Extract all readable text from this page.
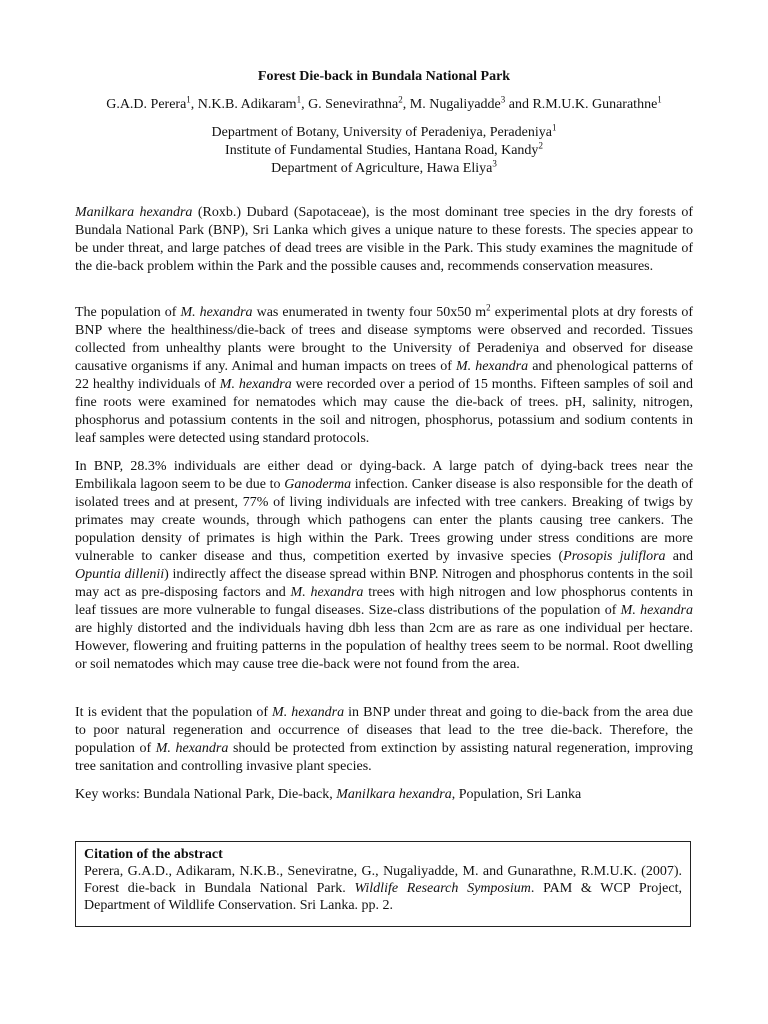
Forest Die-back in Bundala National Park
G.A.D. Perera$^1$, N.K.B. Adikaram$^1$, G. Senevirathna$^2$, M. Nugaliyadde$^3$ and R.M.U.K. Gunarathne$^1$
Department of Botany, University of Peradeniya, Peradeniya$^1$
Institute of Fundamental Studies, Hantana Road, Kandy$^2$
Department of Agriculture, Hawa Eliya$^3$

Manilkara hexandra (Roxb.) Dubard (Sapotaceae), is the most dominant tree species in the dry forests of Bundala National Park (BNP), Sri Lanka which gives a unique nature to these forests. The species appear to be under threat, and large patches of dead trees are visible in the Park. This study examines the magnitude of the die-back problem within the Park and the possible causes and, recommends conservation measures.

The population of M. hexandra was enumerated in twenty four 50x50 $m^2$ experimental plots at dry forests of BNP where the healthiness/die-back of trees and disease symptoms were observed and recorded. Tissues collected from unhealthy plants were brought to the University of Peradeniya and observed for disease causative organisms if any. Animal and human impacts on trees of M. hexandra and phenological patterns of 22 healthy individuals of M. hexandra were recorded over a period of 15 months. Fifteen samples of soil and fine roots were examined for nematodes which may cause the die-back of trees. pH, salinity, nitrogen, phosphorus and potassium contents in the soil and nitrogen, phosphorus, potassium and sodium contents in leaf samples were detected using standard protocols.

In BNP, 28.3% individuals are either dead or dying-back. A large patch of dying-back trees near the Embilikala lagoon seem to be due to Ganoderma infection. Canker disease is also responsible for the death of isolated trees and at present, 77% of living individuals are infected with tree cankers. Breaking of twigs by primates may create wounds, through which pathogens can enter the plants causing tree cankers. The population density of primates is high within the Park. Trees growing under stress conditions are more vulnerable to canker disease and thus, competition exerted by invasive species (Prosopis juliflora and Opuntia dillenii) indirectly affect the disease spread within BNP. Nitrogen and phosphorus contents in the soil may act as pre-disposing factors and M. hexandra trees with high nitrogen and low phosphorus contents in leaf tissues are more vulnerable to fungal diseases. Size-class distributions of the population of M. hexandra are highly distorted and the individuals having dbh less than 2cm are as rare as one individual per hectare. However, flowering and fruiting patterns in the population of healthy trees seem to be normal. Root dwelling or soil nematodes which may cause tree die-back were not found from the area.

It is evident that the population of M. hexandra in BNP under threat and going to die-back from the area due to poor natural regeneration and occurrence of diseases that lead to the tree die-back. Therefore, the population of M. hexandra should be protected from extinction by assisting natural regeneration, improving tree sanitation and controlling invasive plant species.

Key works: Bundala National Park, Die-back, Manilkara hexandra, Population, Sri Lanka

Citation of the abstract
Perera, G.A.D., Adikaram, N.K.B., Seneviratne, G., Nugaliyadde, M. and Gunarathne, R.M.U.K. (2007). Forest die-back in Bundala National Park. Wildlife Research Symposium. PAM & WCP Project, Department of Wildlife Conservation. Sri Lanka. pp. 2.
